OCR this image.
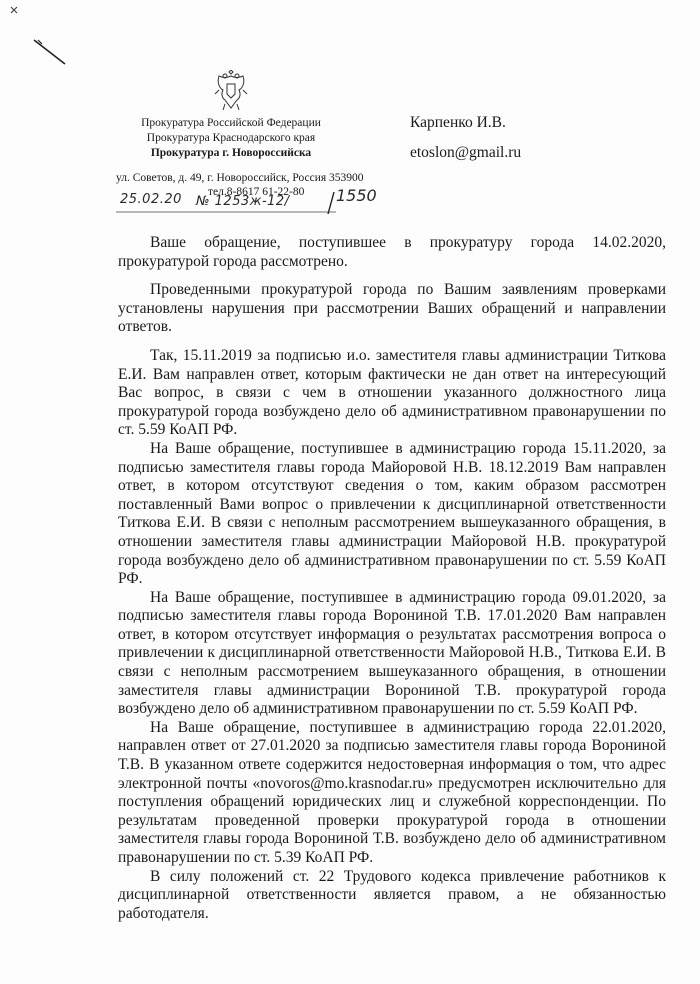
Прокуратура Российской Федерации
Прокуратура Краснодарского края
Прокуратура г. Новороссийска
ул. Советов, д. 49, г. Новороссийск, Россия 353900
тел.8-8617 61-22-80
25.02.20 № 1253ж-12/	1550
Карпенко И.В.
etoslon@gmail.ru

Ваше обращение, поступившее в прокуратуру города 14.02.2020, прокуратурой города рассмотрено.

Проведенными прокуратурой города по Вашим заявлениям проверками установлены нарушения при рассмотрении Ваших обращений и направлении ответов.

Так, 15.11.2019 за подписью и.о. заместителя главы администрации Титкова Е.И. Вам направлен ответ, которым фактически не дан ответ на интересующий Вас вопрос, в связи с чем в отношении указанного должностного лица прокуратурой города возбуждено дело об административном правонарушении по ст. 5.59 КоАП РФ.

На Ваше обращение, поступившее в администрацию города 15.11.2020, за подписью заместителя главы города Майоровой Н.В. 18.12.2019 Вам направлен ответ, в котором отсутствуют сведения о том, каким образом рассмотрен поставленный Вами вопрос о привлечении к дисциплинарной ответственности Титкова Е.И. В связи с неполным рассмотрением вышеуказанного обращения, в отношении заместителя главы администрации Майоровой Н.В. прокуратурой города возбуждено дело об административном правонарушении по ст. 5.59 КоАП РФ.

На Ваше обращение, поступившее в администрацию города 09.01.2020, за подписью заместителя главы города Ворониной Т.В. 17.01.2020 Вам направлен ответ, в котором отсутствует информация о результатах рассмотрения вопроса о привлечении к дисциплинарной ответственности Майоровой Н.В., Титкова Е.И. В связи с неполным рассмотрением вышеуказанного обращения, в отношении заместителя главы администрации Ворониной Т.В. прокуратурой города возбуждено дело об административном правонарушении по ст. 5.59 КоАП РФ.

На Ваше обращение, поступившее в администрацию города 22.01.2020, направлен ответ от 27.01.2020 за подписью заместителя главы города Ворониной Т.В. В указанном ответе содержится недостоверная информация о том, что адрес электронной почты «novoros@mo.krasnodar.ru» предусмотрен исключительно для поступления обращений юридических лиц и служебной корреспонденции. По результатам проведенной проверки прокуратурой города в отношении заместителя главы города Ворониной Т.В. возбуждено дело об административном правонарушении по ст. 5.39 КоАП РФ.

В силу положений ст. 22 Трудового кодекса привлечение работников к дисциплинарной ответственности является правом, а не обязанностью работодателя.
